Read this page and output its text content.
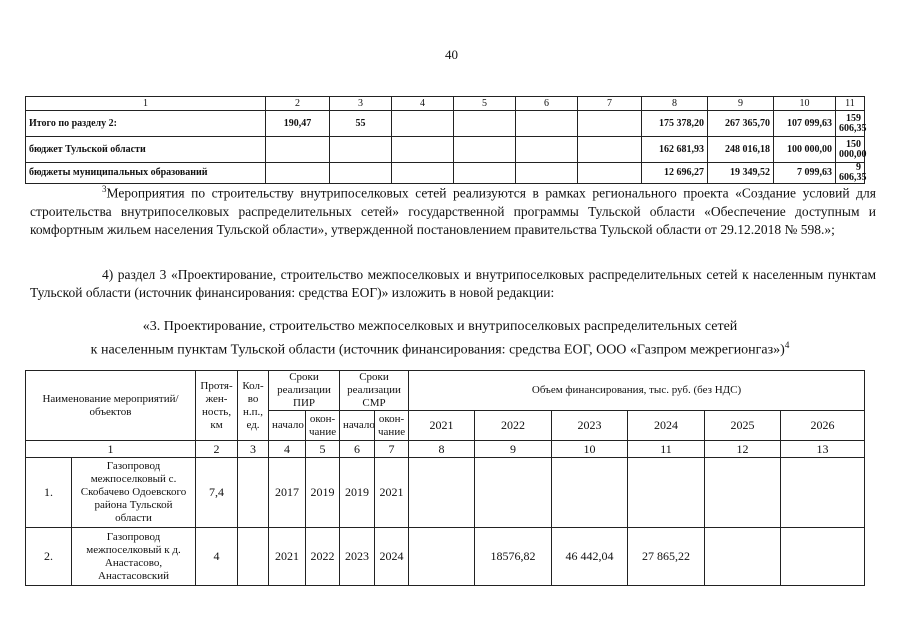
40
1	2	3	4	5	6	7	8	9	10	11
Итого по разделу 2:	190,47	55					175 378,20	267 365,70	107 099,63	159 606,35
бюджет Тульской области							162 681,93	248 016,18	100 000,00	150 000,00
бюджеты муниципальных образований							12 696,27	19 349,52	7 099,63	9 606,35
$^3$Мероприятия по строительству внутрипоселковых сетей реализуются в рамках регионального проекта «Создание условий для строительства внутрипоселковых распределительных сетей» государственной программы Тульской области «Обеспечение доступным и комфортным жильем населения Тульской области», утвержденной постановлением правительства Тульской области от 29.12.2018 № 598.»;
4) раздел 3 «Проектирование, строительство межпоселковых и внутрипоселковых распределительных сетей к населенным пунктам Тульской области (источник финансирования: средства ЕОГ)» изложить в новой редакции:
«3. Проектирование, строительство межпоселковых и внутрипоселковых распределительных сетей
к населенным пунктам Тульской области (источник финансирования: средства ЕОГ, ООО «Газпром межрегионгаз»)$^4$
Наименование мероприятий/ объектов		Протя-жен-ность, км	Кол-во н.п., ед.	Сроки реализации ПИР		Сроки реализации СМР		Объем финансирования, тыс. руб. (без НДС)					
				начало	окон-чание	начало	окон-чание	2021	2022	2023	2024	2025	2026
1		2	3	4	5	6	7	8	9	10	11	12	13
1.	Газопровод межпоселковый с. Скобачево Одоевского района Тульской области	7,4		2017	2019	2019	2021						
2.	Газопровод межпоселковый к д. Анастасово, Анастасовский	4		2021	2022	2023	2024		18576,82	46 442,04	27 865,22		
